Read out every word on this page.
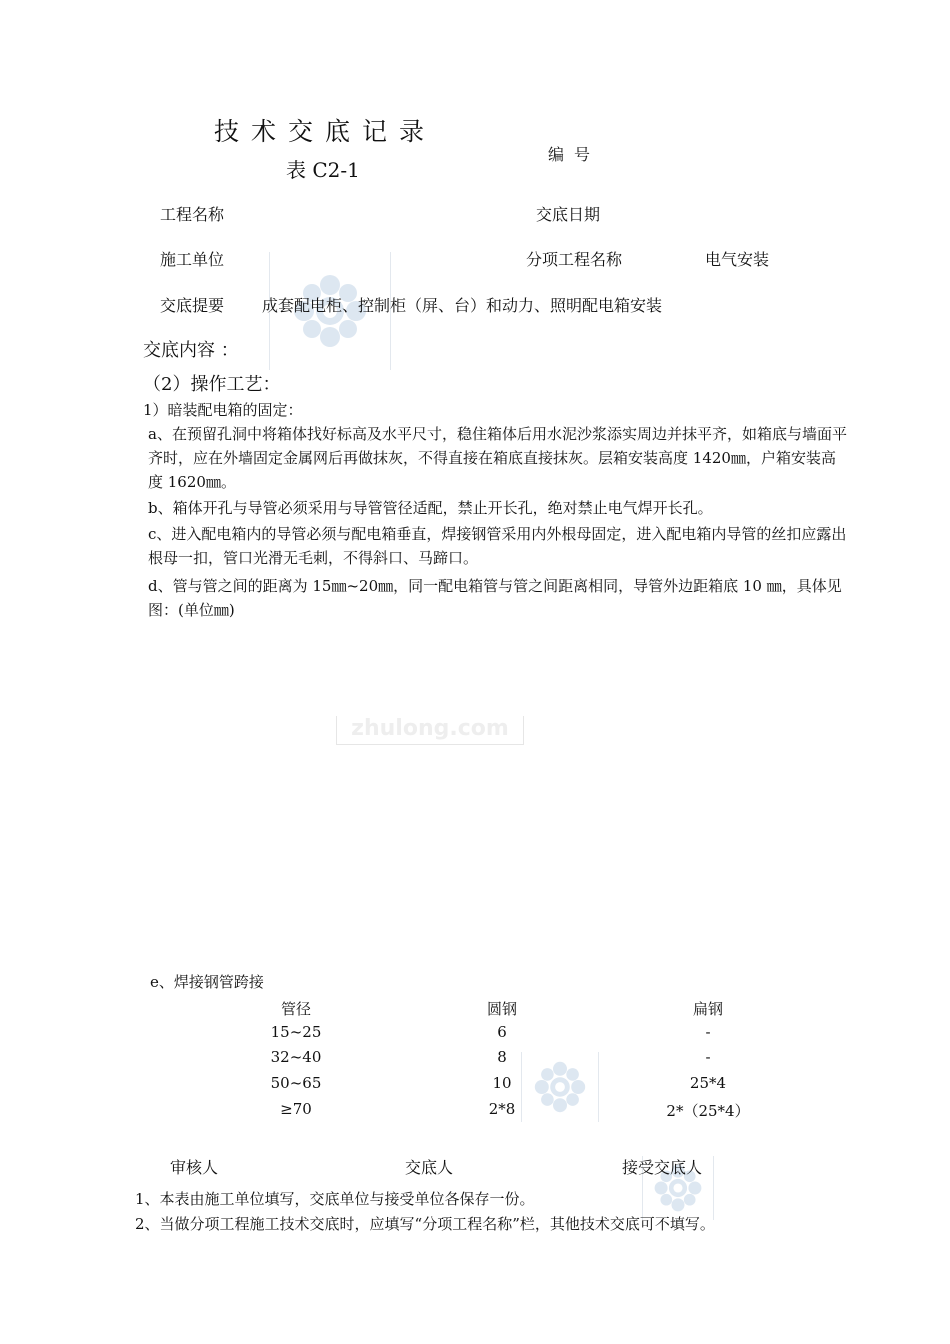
技术交底记录
表 C2-1
编号
zhulong.com
工程名称	交底日期
施工单位	分项工程名称	电气安装
交底提要 成套配电柜、控制柜（屏、台）和动力、照明配电箱安装
交底内容 ：
（2）操作工艺：
1）暗装配电箱的固定：
a、在预留孔洞中将箱体找好标高及水平尺寸，稳住箱体后用水泥沙浆添实周边并抹平齐，如箱底与墙面平齐时，应在外墙固定金属网后再做抹灰，不得直接在箱底直接抹灰。层箱安装高度 1420㎜，户箱安装高度 1620㎜。
b、箱体开孔与导管必须采用与导管管径适配，禁止开长孔，绝对禁止电气焊开长孔。
c、进入配电箱内的导管必须与配电箱垂直，焊接钢管采用内外根母固定，进入配电箱内导管的丝扣应露出根母一扣，管口光滑无毛刺，不得斜口、马蹄口。
d、管与管之间的距离为 15㎜~20㎜，同一配电箱管与管之间距离相同，导管外边距箱底 10 ㎜，具体见图：(单位㎜)
e、焊接钢管跨接
管径	圆钢	扁钢
15~25	6	-
32~40	8	-
50~65	10	25*4
≥70	2*8	2*（25*4）
审核人	交底人	接受交底人
1、本表由施工单位填写，交底单位与接受单位各保存一份。
2、当做分项工程施工技术交底时，应填写“分项工程名称”栏，其他技术交底可不填写。
